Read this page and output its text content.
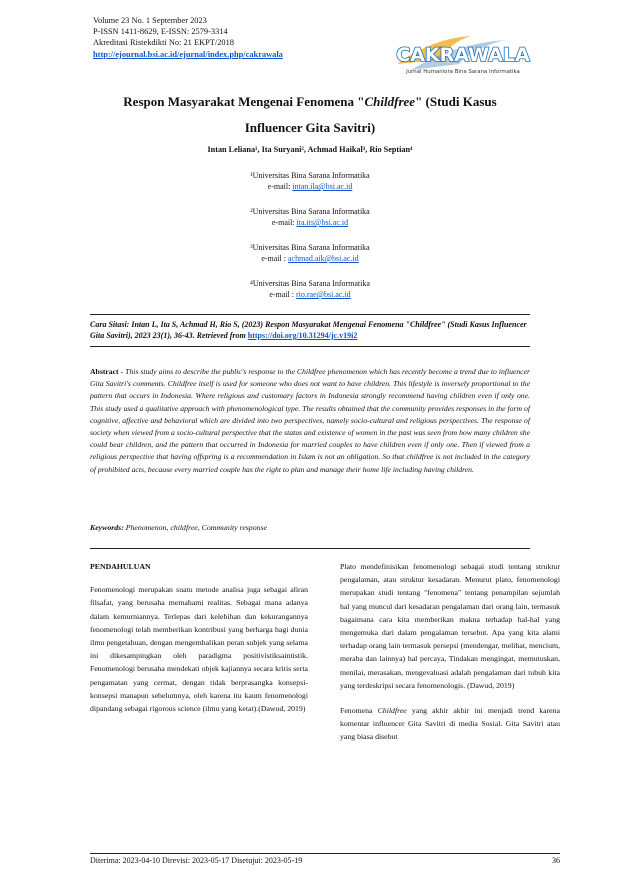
Volume 23 No. 1 September 2023
P-ISSN 1411-8629, E-ISSN: 2579-3314
Akreditasi Ristekdikti No: 21 EKPT/2018
http://ejournal.bsi.ac.id/ejurnal/index.php/cakrawala	CAKRAWALA
Jurnal Humaniora Bina Sarana Informatika
Respon Masyarakat Mengenai Fenomena "Childfree" (Studi Kasus
Influencer Gita Savitri)
Intan Leliana¹, Ita Suryani², Achmad Haikal³, Rio Septian⁴
¹Universitas Bina Sarana Informatika
e-mail: intan.ila@bsi.ac.id
²Universitas Bina Sarana Informatika
e-mail: ita.its@bsi.ac.id
³Universitas Bina Sarana Informatika
e-mail : achmad.aik@bsi.ac.id
⁴Universitas Bina Sarana Informatika
e-mail : rio.rae@bsi.ac.id
Cara Sitasi: Intan L, Ita S, Achmad H, Rio S, (2023) Respon Masyarakat Mengenai Fenomena "Childfree" (Studi Kasus Influencer Gita Savitri), 2023 23(1), 36-43. Retrieved from https://doi.org/10.31294/jc.v19i2
Abstract - This study aims to describe the public's response to the Childfree phenomenon which has recently become a trend due to influencer Gita Savitri's comments. Childfree itself is used for someone who does not want to have children. This lifestyle is inversely proportional to the pattern that occurs in Indonesia. Where religious and customary factors in Indonesia strongly recommend having children even if only one. This study used a qualitative approach with phenomenological type. The results obtained that the community provides responses in the form of cognitive, affective and behavioral which are divided into two perspectives, namely socio-cultural and religious perspectives. The response of society when viewed from a socio-cultural perspective that the status and existence of women in the past was seen from how many children she could bear children, and the pattern that occurred in Indonesia for married couples to have children even if only one. Then if viewed from a religious perspective that having offspring is a recommendation in Islam is not an obligation. So that childfree is not included in the category of prohibited acts, because every married couple has the right to plan and manage their home life including having children.
Keywords: Phenomenon, childfree, Community response
PENDAHULUAN

Fenomenologi merupakan suatu metode analisa juga sebagai aliran filsafat, yang berusaha memahami realitas. Sebagai mana adanya dalam kemurniannya. Terlepas dari kelebihan dan kekurangannya fenomenologi telah memberikan kontribusi yang berharga bagi dunia ilmu pengetahuan, dengan mengembalikan peran subjek yang selama ini dikesampingkan oleh paradigma positivistiksaintistik. Fenomenologi berusaha mendekati objek kajiannya secara kritis serta pengamatan yang cermat, dengan tidak berprasangka konsepsi-konsepsi manapun sebelumnya, oleh karena itu kaum fenomenologi dipandang sebagai rigorous science (ilmu yang ketat).(Dawud, 2019)

Plato mendefinisikan fenomenologi sebagai studi tentang struktur pengalaman, atau struktur kesadaran. Menurut plato, fenomenologi merupakan studi tentang "fenomena" tentang penampilan sejumlah hal yang muncul dari kesadaran pengalaman dari orang lain, termasuk bagaimana cara kita memberikan makna terhadap hal-hal yang mengemuka dari dalam pengalaman tersebut. Apa yang kita alami terhadap orang lain termasuk persepsi (mendengar, melihat, mencium, meraba dan lainnya) hal percaya, Tindakan mengingat, memutuskan, menilai, merasakan, mengevaluasi adalah pengalaman dari tubuh kita yang terdeskripsi secara fenomenologis. (Dawud, 2019)

Fenomena Childfree yang akhir akhir ini menjadi trend karena komentar influencer Gita Savitri di media Sosial. Gita Savitri atau yang biasa disebut

Diterima: 2023-04-10 Direvisi: 2023-05-17 Disetujui: 2023-05-19	36
